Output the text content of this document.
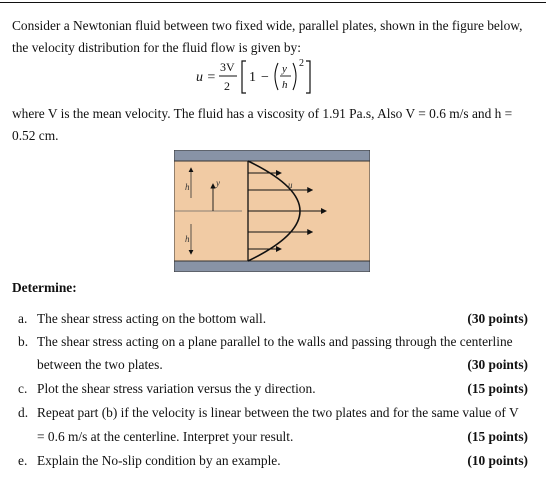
Consider a Newtonian fluid between two fixed wide, parallel plates, shown in the figure below,
the velocity distribution for the fluid flow is given by:
u =
3V
2
1 −
y
h
2
where V is the mean velocity. The fluid has a viscosity of 1.91 Pa.s, Also V = 0.6 m/s and h =
0.52 cm.
h
h
y	u
Determine:
a. The shear stress acting on the bottom wall.	(30 points)
b. The shear stress acting on a plane parallel to the walls and passing through the centerline
between the two plates.	(30 points)
c. Plot the shear stress variation versus the y direction.	(15 points)
d. Repeat part (b) if the velocity is linear between the two plates and for the same value of V
= 0.6 m/s at the centerline. Interpret your result.	(15 points)
e. Explain the No-slip condition by an example.	(10 points)
